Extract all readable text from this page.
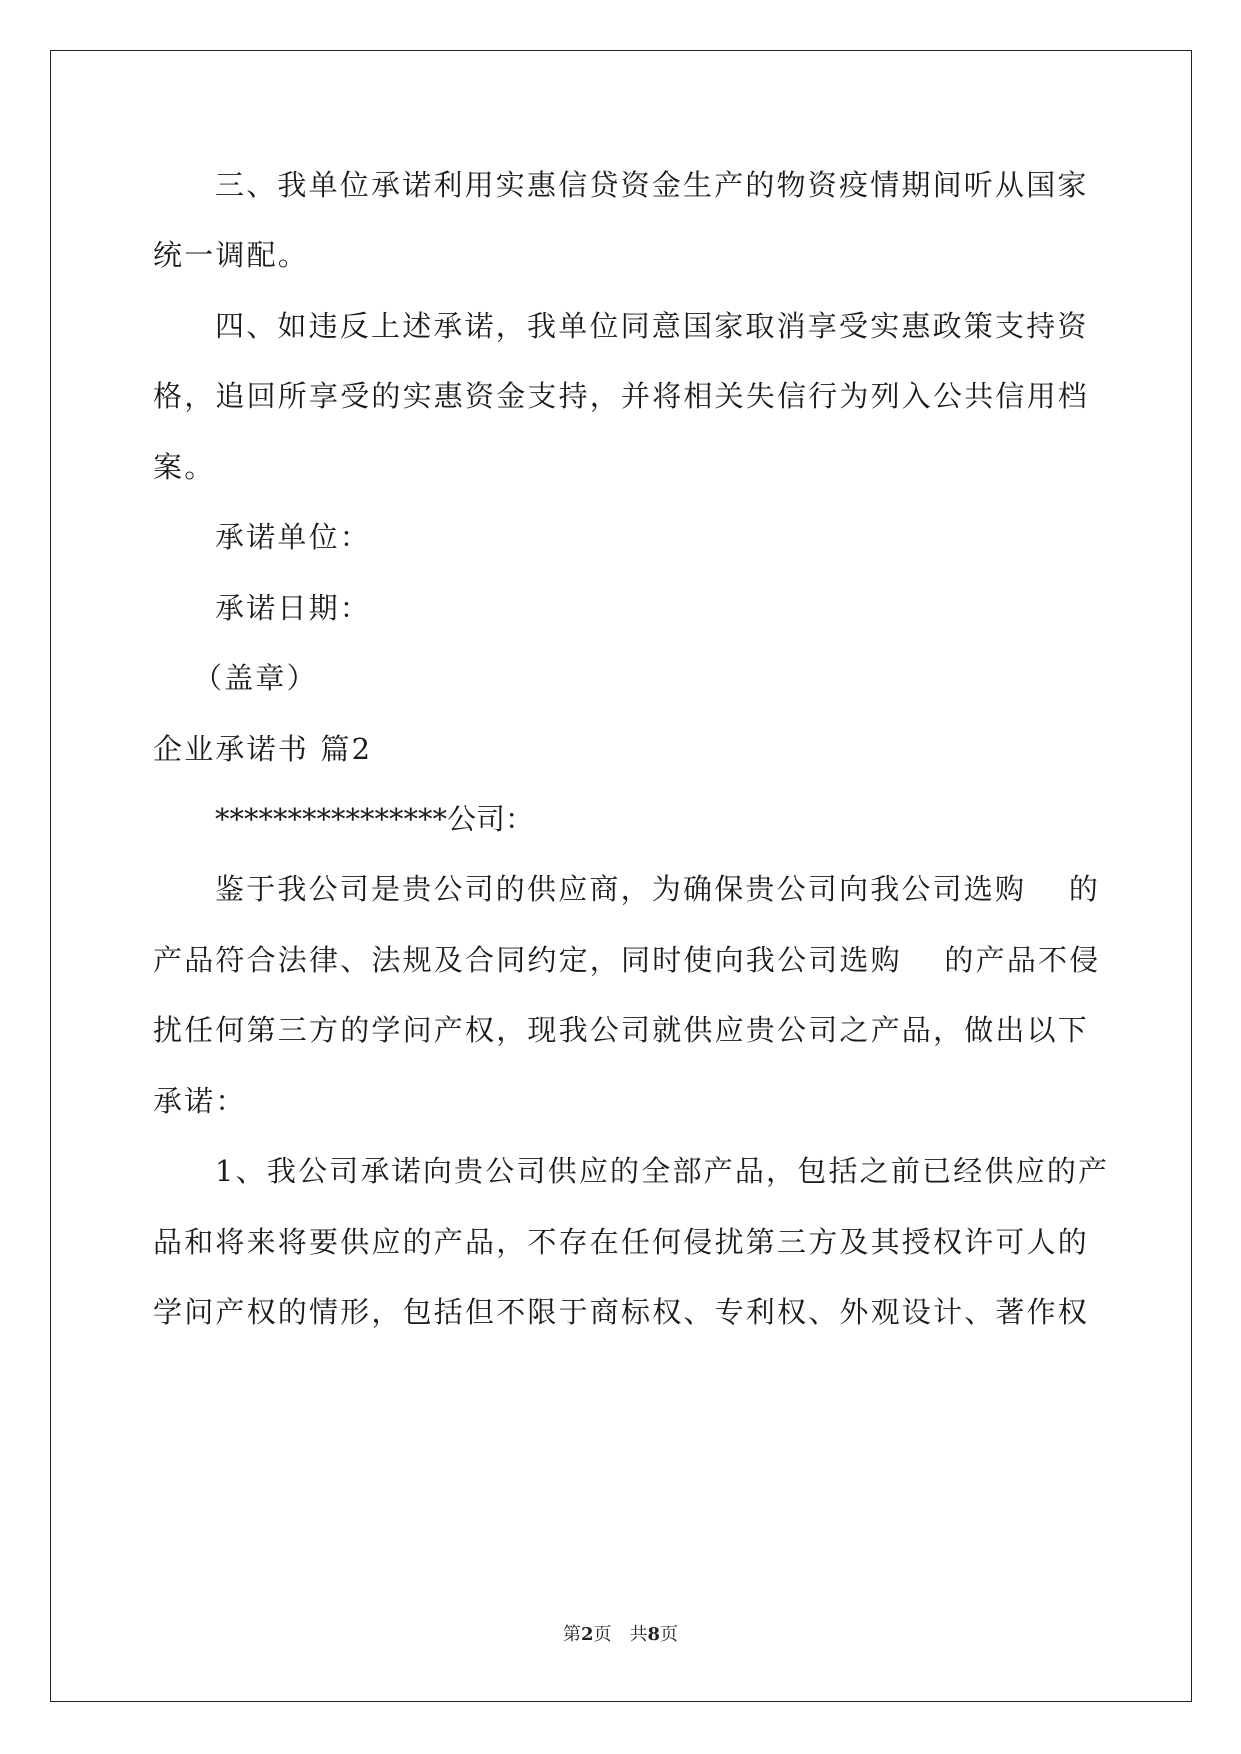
三、我单位承诺利用实惠信贷资金生产的物资疫情期间听从国家
统一调配。
四、如违反上述承诺，我单位同意国家取消享受实惠政策支持资
格，追回所享受的实惠资金支持，并将相关失信行为列入公共信用档
案。
承诺单位：
承诺日期：
（盖章）
企业承诺书 篇2
****************公司：
鉴于我公司是贵公司的供应商，为确保贵公司向我公司选购　 的
产品符合法律、法规及合同约定，同时使向我公司选购　 的产品不侵
扰任何第三方的学问产权，现我公司就供应贵公司之产品，做出以下
承诺：
1、我公司承诺向贵公司供应的全部产品，包括之前已经供应的产
品和将来将要供应的产品，不存在任何侵扰第三方及其授权许可人的
学问产权的情形，包括但不限于商标权、专利权、外观设计、著作权
第2页　共8页
